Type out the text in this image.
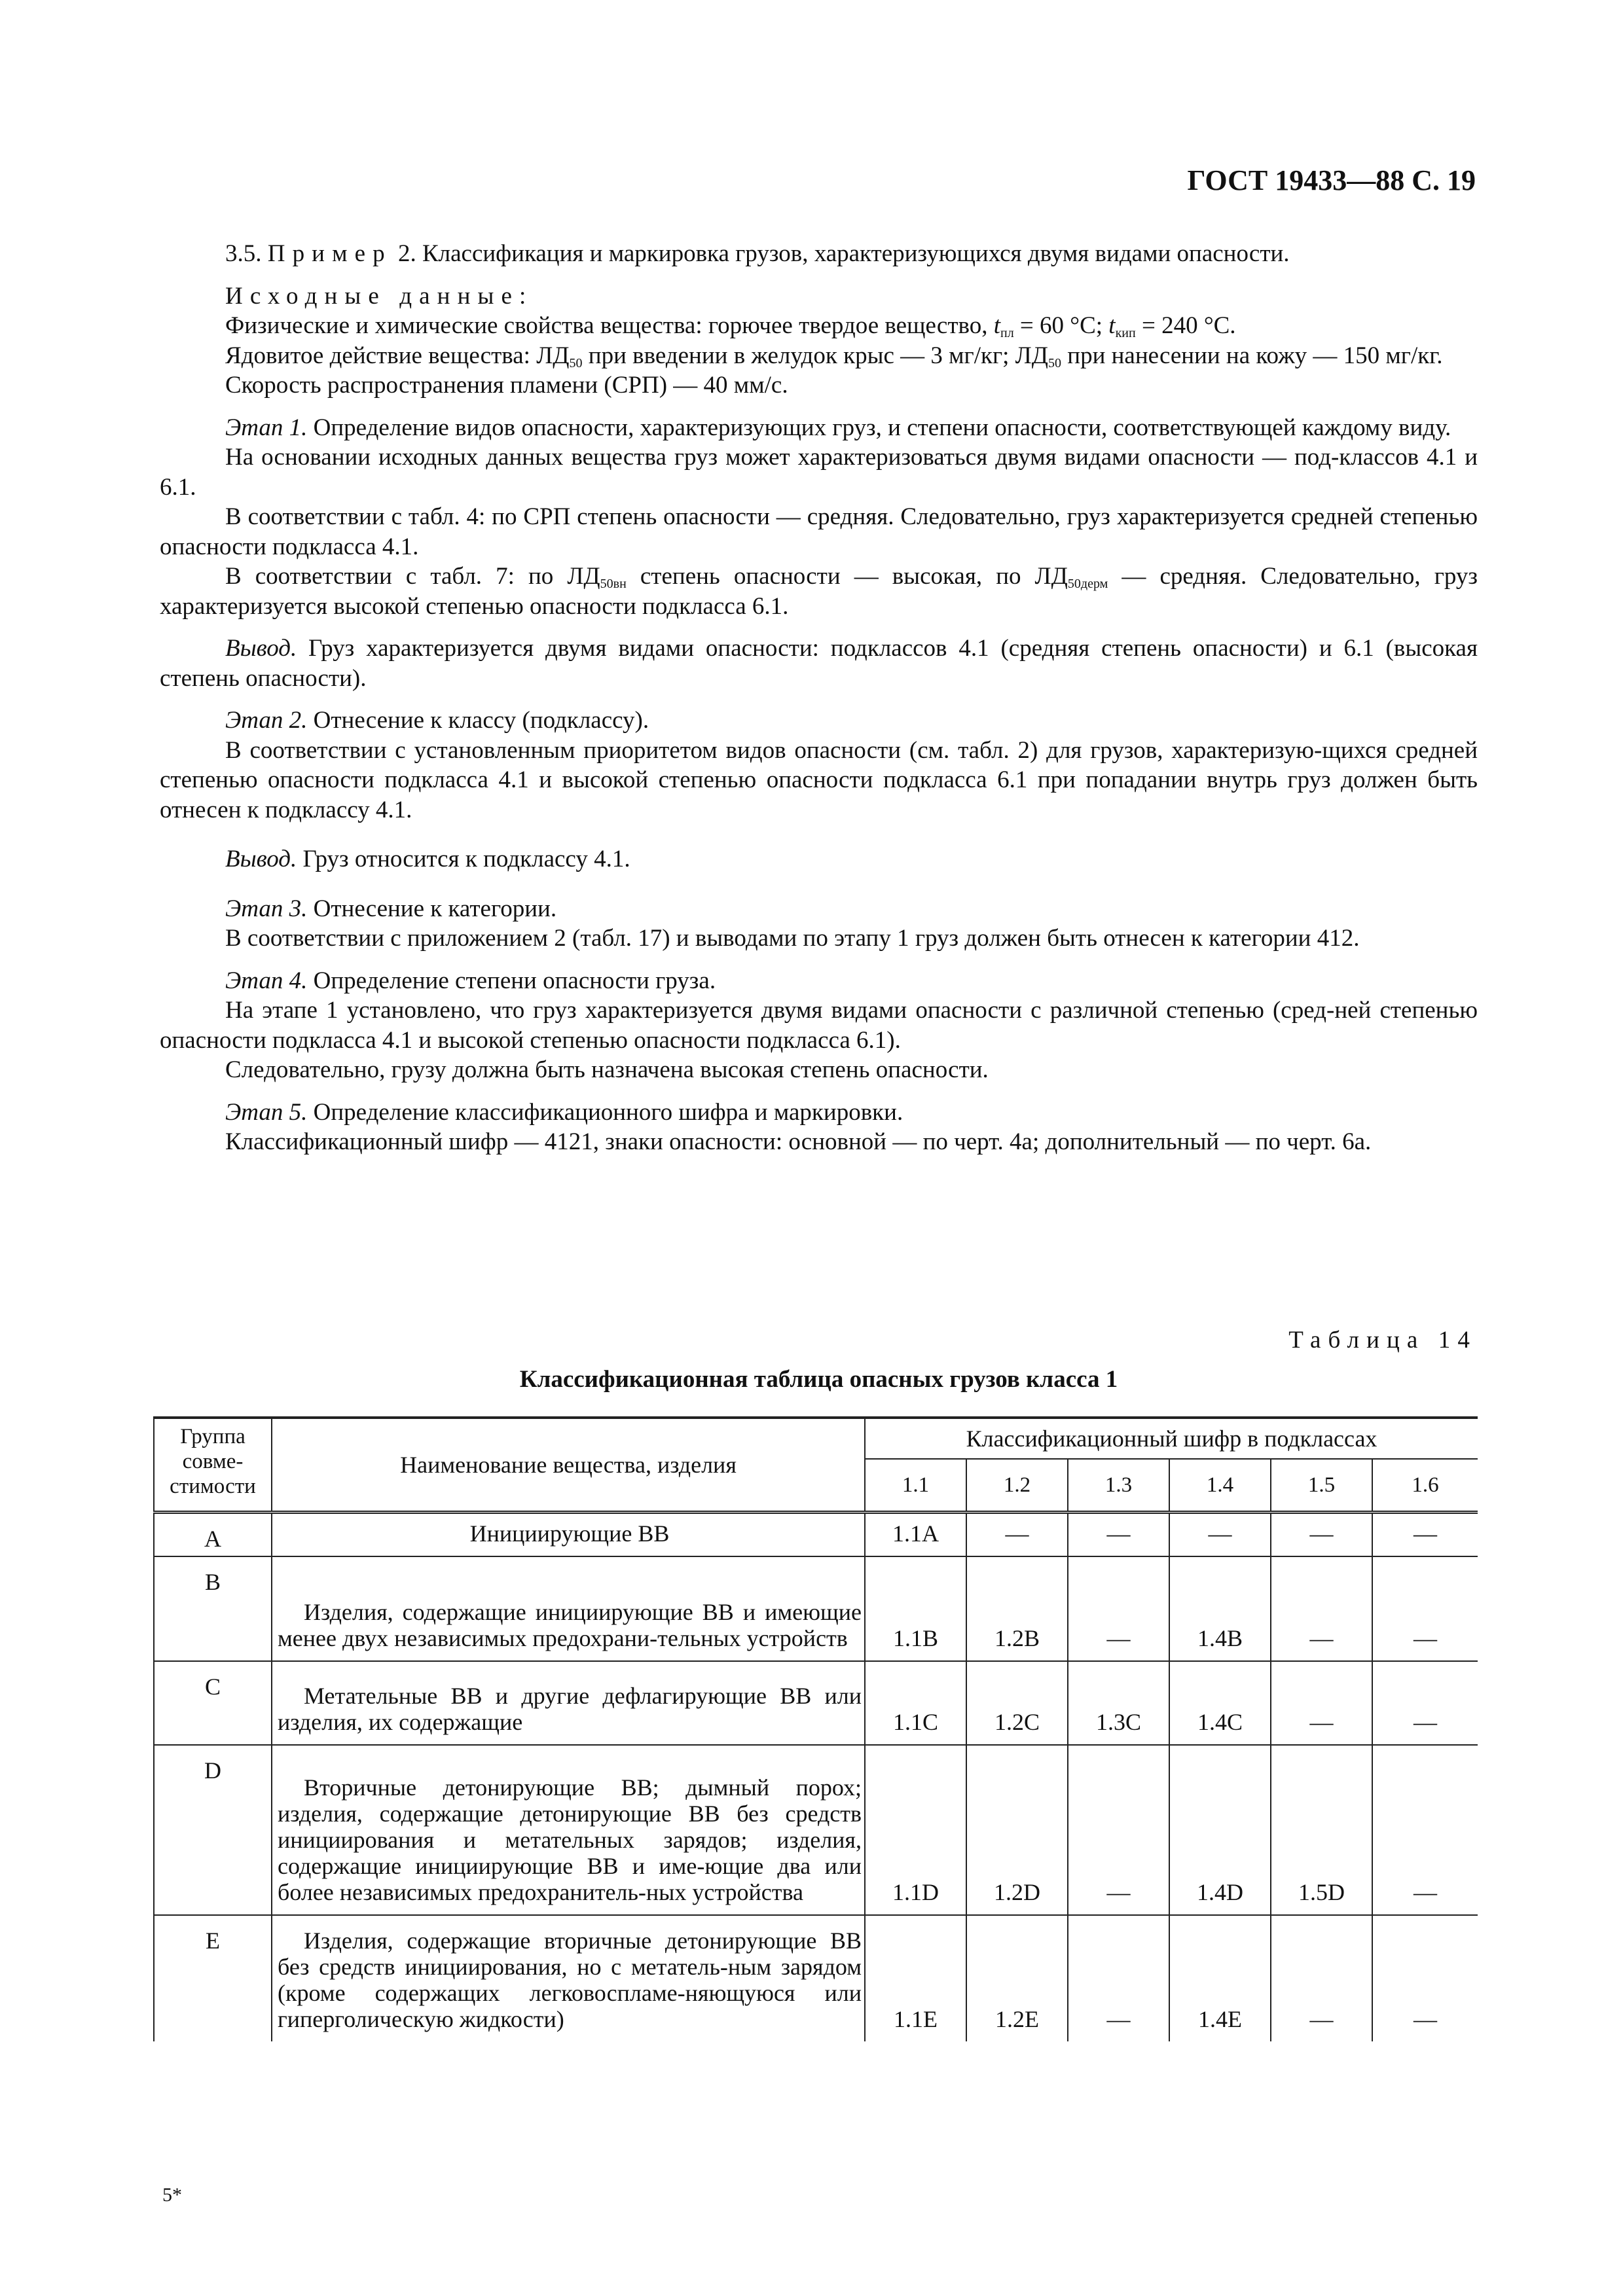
ГОСТ 19433—88 С. 19

3.5. Пример 2. Классификация и маркировка грузов, характеризующихся двумя видами опасности.

Исходные данные:

Физические и химические свойства вещества: горючее твердое вещество, $t_{пл} = 60$ °С; $t_{кип} = 240$ °С.

Ядовитое действие вещества: $ЛД_{50}$ при введении в желудок крыс — 3 мг/кг; $ЛД_{50}$ при нанесении на кожу — 150 мг/кг.

Скорость распространения пламени (СРП) — 40 мм/с.

Этап 1. Определение видов опасности, характеризующих груз, и степени опасности, соответствующей каждому виду.

На основании исходных данных вещества груз может характеризоваться двумя видами опасности — под-классов 4.1 и 6.1.

В соответствии с табл. 4: по СРП степень опасности — средняя. Следовательно, груз характеризуется средней степенью опасности подкласса 4.1.

В соответствии с табл. 7: по $ЛД_{50вн}$ степень опасности — высокая, по $ЛД_{50дерм}$ — средняя. Следовательно, груз характеризуется высокой степенью опасности подкласса 6.1.

Вывод. Груз характеризуется двумя видами опасности: подклассов 4.1 (средняя степень опасности) и 6.1 (высокая степень опасности).

Этап 2. Отнесение к классу (подклассу).

В соответствии с установленным приоритетом видов опасности (см. табл. 2) для грузов, характеризую-щихся средней степенью опасности подкласса 4.1 и высокой степенью опасности подкласса 6.1 при попадании внутрь груз должен быть отнесен к подклассу 4.1.

Вывод. Груз относится к подклассу 4.1.

Этап 3. Отнесение к категории.

В соответствии с приложением 2 (табл. 17) и выводами по этапу 1 груз должен быть отнесен к категории 412.

Этап 4. Определение степени опасности груза.

На этапе 1 установлено, что груз характеризуется двумя видами опасности с различной степенью (сред-ней степенью опасности подкласса 4.1 и высокой степенью опасности подкласса 6.1).

Следовательно, грузу должна быть назначена высокая степень опасности.

Этап 5. Определение классификационного шифра и маркировки.

Классификационный шифр — 4121, знаки опасности: основной — по черт. 4а; дополнительный — по черт. 6а.

Таблица 14
Классификационная таблица опасных грузов класса 1
Группа совме-стимости	Наименование вещества, изделия	Классификационный шифр в подклассах					
		1.1	1.2	1.3	1.4	1.5	1.6
A	Инициирующие ВВ	1.1А	—	—	—	—	—
B	Изделия, содержащие инициирующие ВВ и имеющие менее двух независимых предохрани-тельных устройств	1.1В	1.2В	—	1.4В	—	—
C	Метательные ВВ и другие дефлагирующие ВВ или изделия, их содержащие	1.1С	1.2С	1.3С	1.4С	—	—
D	Вторичные детонирующие ВВ; дымный порох; изделия, содержащие детонирующие ВВ без средств инициирования и метательных зарядов; изделия, содержащие инициирующие ВВ и име-ющие два или более независимых предохранитель-ных устройства	1.1D	1.2D	—	1.4D	1.5D	—
E	Изделия, содержащие вторичные детонирующие ВВ без средств инициирования, но с метатель-ным зарядом (кроме содержащих легковоспламе-няющуюся или гиперголическую жидкости)	1.1Е	1.2Е	—	1.4Е	—	—
5*
